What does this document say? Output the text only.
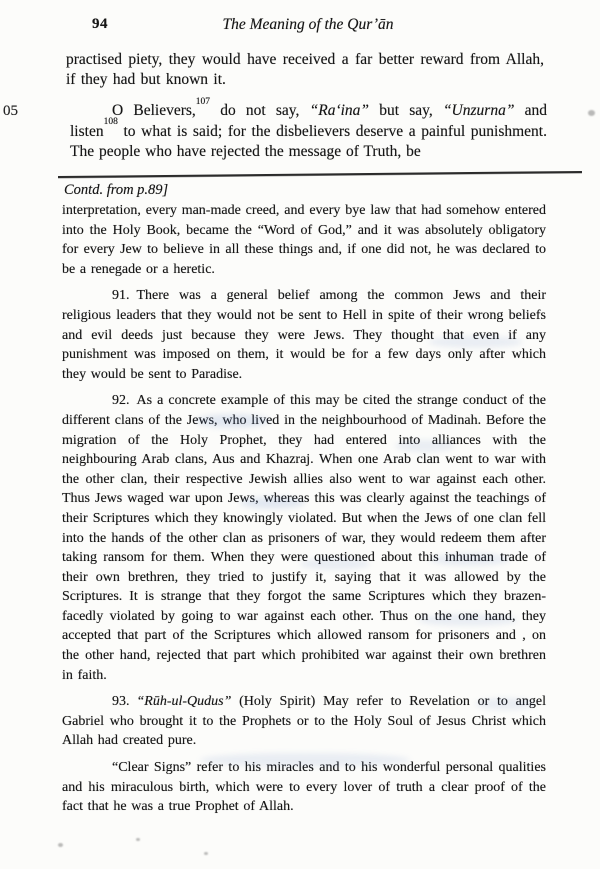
94	The Meaning of the Qur’ān
practised piety, they would have received a far better reward from Allah, if they had but known it.
05	O Believers,$^{107}$ do not say, “Ra‘ina” but say, “Unzurna” and listen$^{108}$ to what is said; for the disbelievers deserve a painful punishment. The people who have rejected the message of Truth, be
Contd. from p.89]

interpretation, every man-made creed, and every bye law that had somehow entered into the Holy Book, became the “Word of God,” and it was absolutely obligatory for every Jew to believe in all these things and, if one did not, he was declared to be a renegade or a heretic.

91. There was a general belief among the common Jews and their religious leaders that they would not be sent to Hell in spite of their wrong beliefs and evil deeds just because they were Jews. They thought that even if any punishment was imposed on them, it would be for a few days only after which they would be sent to Paradise.

92. As a concrete example of this may be cited the strange conduct of the different clans of the Jews, who lived in the neighbourhood of Madinah. Before the migration of the Holy Prophet, they had entered into alliances with the neighbouring Arab clans, Aus and Khazraj. When one Arab clan went to war with the other clan, their respective Jewish allies also went to war against each other. Thus Jews waged war upon Jews, whereas this was clearly against the teachings of their Scriptures which they knowingly violated. But when the Jews of one clan fell into the hands of the other clan as prisoners of war, they would redeem them after taking ransom for them. When they were questioned about this inhuman trade of their own brethren, they tried to justify it, saying that it was allowed by the Scriptures. It is strange that they forgot the same Scriptures which they brazen-facedly violated by going to war against each other. Thus on the one hand, they accepted that part of the Scriptures which allowed ransom for prisoners and , on the other hand, rejected that part which prohibited war against their own brethren in faith.

93. “Rūh-ul-Qudus” (Holy Spirit) May refer to Revelation or to angel Gabriel who brought it to the Prophets or to the Holy Soul of Jesus Christ which Allah had created pure.

“Clear Signs” refer to his miracles and to his wonderful personal qualities and his miraculous birth, which were to every lover of truth a clear proof of the fact that he was a true Prophet of Allah.
